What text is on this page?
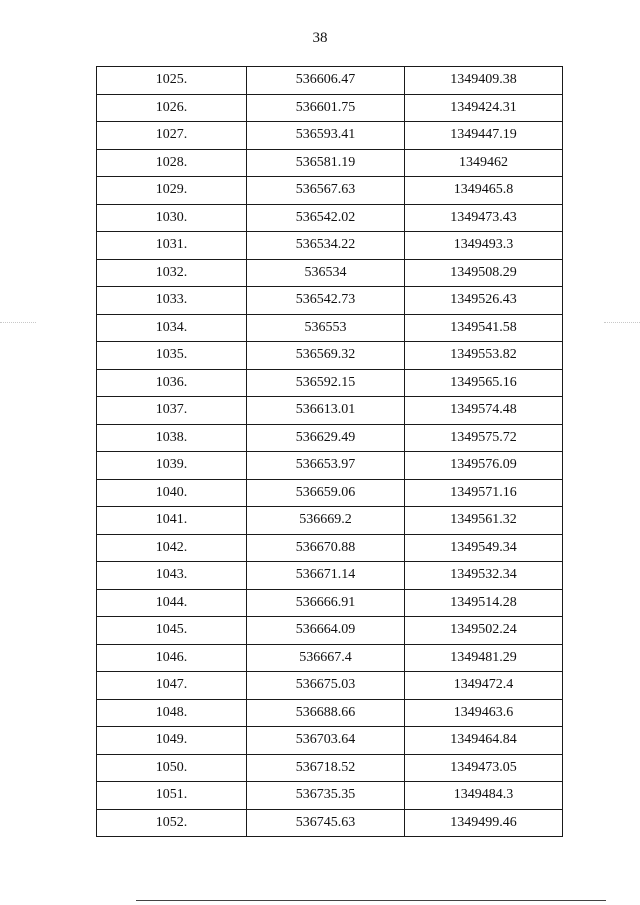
38
1025.	536606.47	1349409.38
1026.	536601.75	1349424.31
1027.	536593.41	1349447.19
1028.	536581.19	1349462
1029.	536567.63	1349465.8
1030.	536542.02	1349473.43
1031.	536534.22	1349493.3
1032.	536534	1349508.29
1033.	536542.73	1349526.43
1034.	536553	1349541.58
1035.	536569.32	1349553.82
1036.	536592.15	1349565.16
1037.	536613.01	1349574.48
1038.	536629.49	1349575.72
1039.	536653.97	1349576.09
1040.	536659.06	1349571.16
1041.	536669.2	1349561.32
1042.	536670.88	1349549.34
1043.	536671.14	1349532.34
1044.	536666.91	1349514.28
1045.	536664.09	1349502.24
1046.	536667.4	1349481.29
1047.	536675.03	1349472.4
1048.	536688.66	1349463.6
1049.	536703.64	1349464.84
1050.	536718.52	1349473.05
1051.	536735.35	1349484.3
1052.	536745.63	1349499.46
